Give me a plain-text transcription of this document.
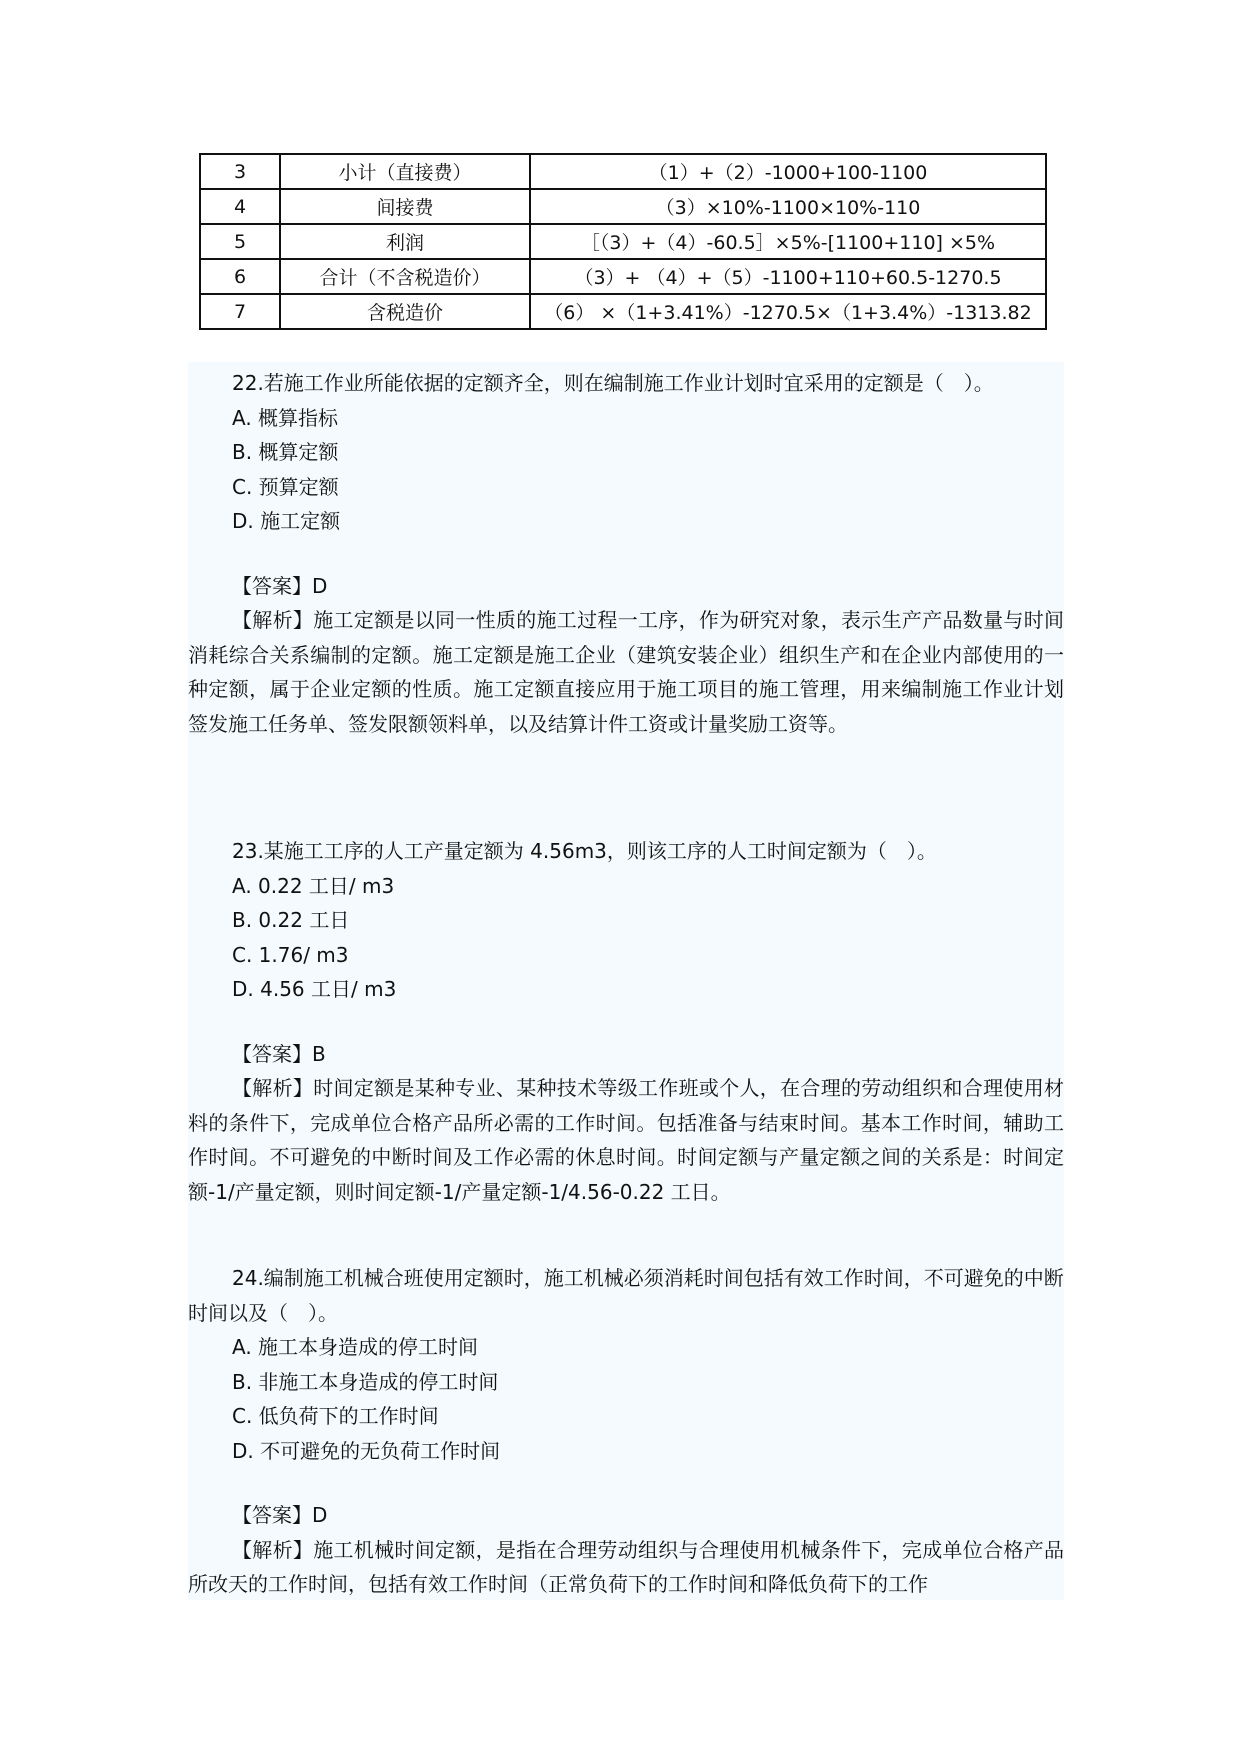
3	小计（直接费）	（1）+（2）-1000+100-1100
4	间接费	（3）×10%-1100×10%-110
5	利润	［（3）+（4）-60.5］×5%-[1100+110] ×5%
6	合计（不含税造价）	（3）+ （4）+（5）-1100+110+60.5-1270.5
7	含税造价	（6） ×（1+3.41%）-1270.5×（1+3.4%）-1313.82

22.若施工作业所能依据的定额齐全，则在编制施工作业计划时宜采用的定额是（　）。

A. 概算指标

B. 概算定额

C. 预算定额

D. 施工定额

【答案】D

【解析】施工定额是以同一性质的施工过程一工序，作为研究对象，表示生产产品数量与时间消耗综合关系编制的定额。施工定额是施工企业（建筑安装企业）组织生产和在企业内部使用的一种定额，属于企业定额的性质。施工定额直接应用于施工项目的施工管理，用来编制施工作业计划签发施工任务单、签发限额领料单，以及结算计件工资或计量奖励工资等。

23.某施工工序的人工产量定额为 4.56m3，则该工序的人工时间定额为（　）。

A. 0.22 工日/ m3

B. 0.22 工日

C. 1.76/ m3

D. 4.56 工日/ m3

【答案】B

【解析】时间定额是某种专业、某种技术等级工作班或个人，在合理的劳动组织和合理使用材料的条件下，完成单位合格产品所必需的工作时间。包括准备与结束时间。基本工作时间，辅助工作时间。不可避免的中断时间及工作必需的休息时间。时间定额与产量定额之间的关系是：时间定额-1/产量定额，则时间定额-1/产量定额-1/4.56-0.22 工日。

24.编制施工机械合班使用定额时，施工机械必须消耗时间包括有效工作时间，不可避免的中断时间以及（　）。

A. 施工本身造成的停工时间

B. 非施工本身造成的停工时间

C. 低负荷下的工作时间

D. 不可避免的无负荷工作时间

【答案】D

【解析】施工机械时间定额，是指在合理劳动组织与合理使用机械条件下，完成单位合格产品所改天的工作时间，包括有效工作时间（正常负荷下的工作时间和降低负荷下的工作
